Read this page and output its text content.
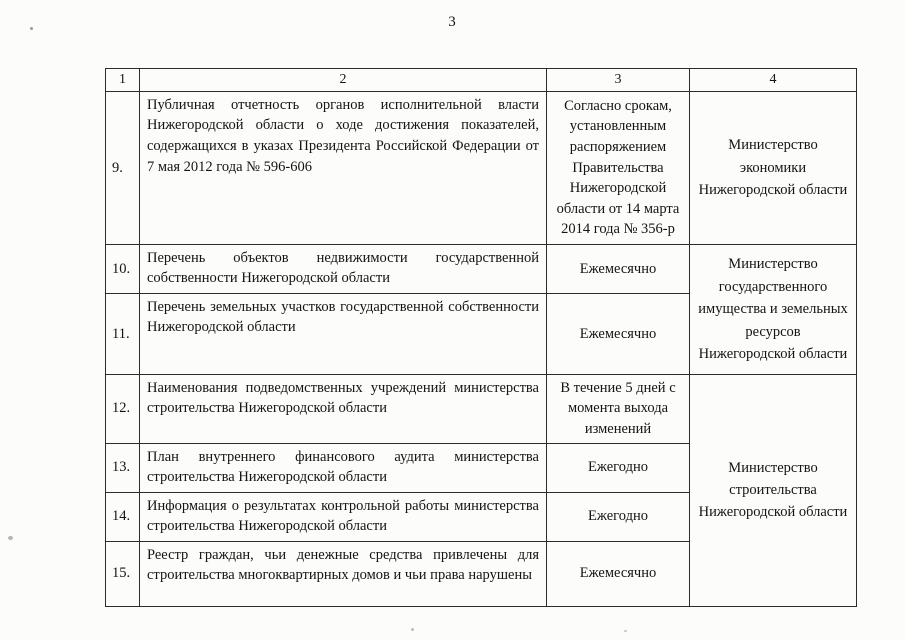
3
1	2	3	4
9.	Публичная отчетность органов исполнительной власти Нижегородской области о ходе достижения показателей, содержащихся в указах Президента Российской Федерации от 7 мая 2012 года № 596-606	Согласно срокам, установленным распоряжением Правительства Нижегородской области от 14 марта 2014 года № 356-р	Министерство экономики Нижегородской области
10.	Перечень объектов недвижимости государственной собственности Нижегородской области	Ежемесячно	Министерство государственного имущества и земельных ресурсов Нижегородской области
11.	Перечень земельных участков государственной собственности Нижегородской области	Ежемесячно	
12.	Наименования подведомственных учреждений министерства строительства Нижегородской области	В течение 5 дней с момента выхода изменений	Министерство строительства Нижегородской области
13.	План внутреннего финансового аудита министерства строительства Нижегородской области	Ежегодно	
14.	Информация о результатах контрольной работы министерства строительства Нижегородской области	Ежегодно	
15.	Реестр граждан, чьи денежные средства привлечены для строительства многоквартирных домов и чьи права нарушены	Ежемесячно	
